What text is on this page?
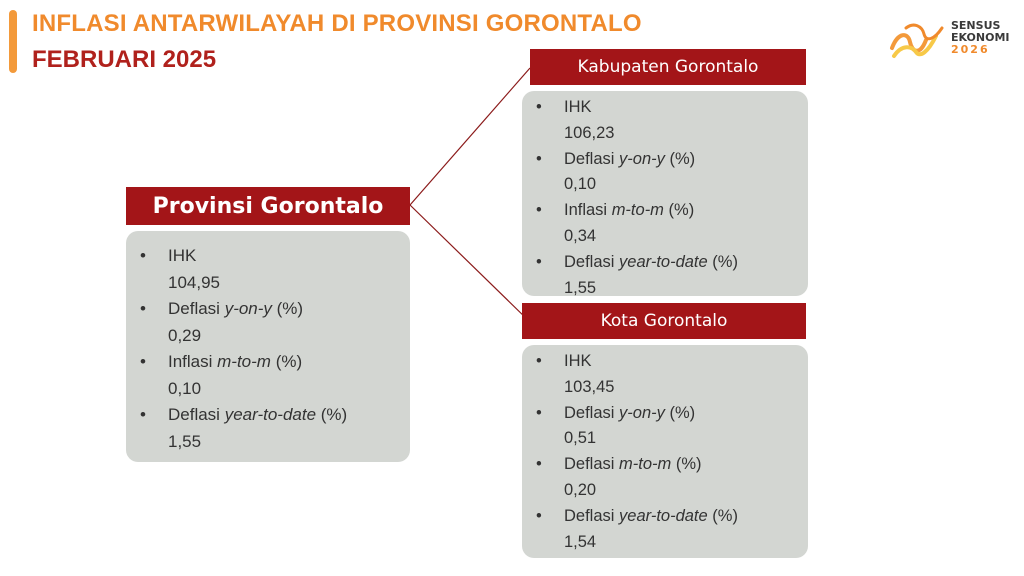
INFLASI ANTARWILAYAH DI PROVINSI GORONTALO
FEBRUARI 2025
SENSUS
EKONOMI
2026
Provinsi Gorontalo
• IHK
104,95
• Deflasi y-on-y (%)
0,29
• Inflasi m-to-m (%)
0,10
• Deflasi year-to-date (%)
1,55
Kabupaten Gorontalo
• IHK
106,23
• Deflasi y-on-y (%)
0,10
• Inflasi m-to-m (%)
0,34
• Deflasi year-to-date (%)
1,55
Kota Gorontalo
• IHK
103,45
• Deflasi y-on-y (%)
0,51
• Deflasi m-to-m (%)
0,20
• Deflasi year-to-date (%)
1,54
